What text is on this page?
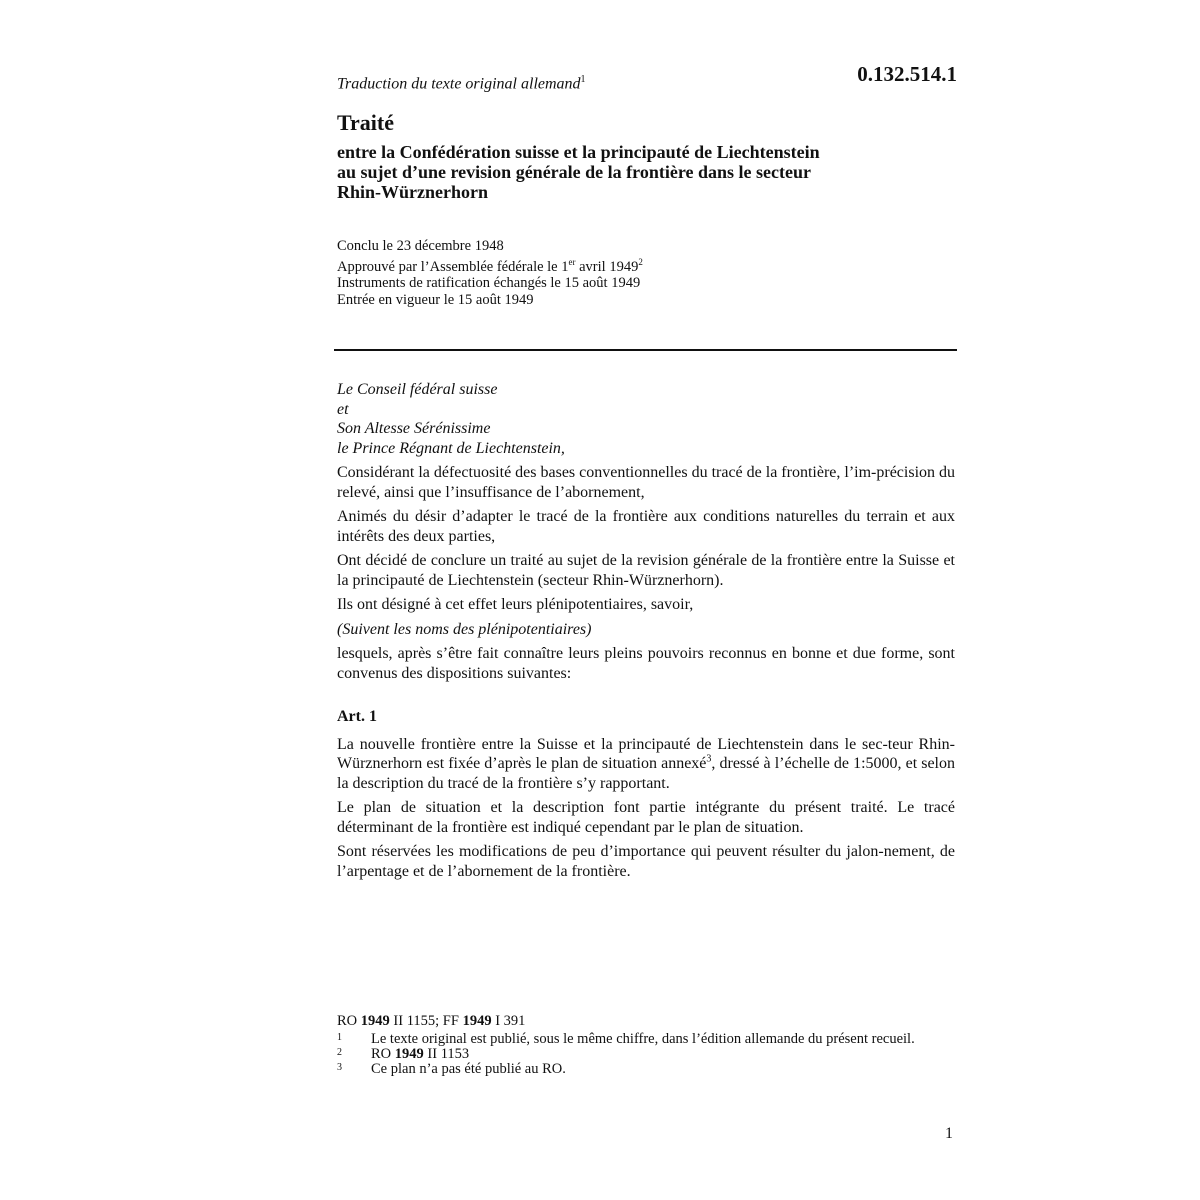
Traduction du texte original allemand$^1$	0.132.514.1
Traité
entre la Confédération suisse et la principauté de Liechtenstein
au sujet d’une revision générale de la frontière dans le secteur
Rhin-Würznerhorn
Conclu le 23 décembre 1948
Approuvé par l’Assemblée fédérale le 1er avril 1949$^2$
Instruments de ratification échangés le 15 août 1949
Entrée en vigueur le 15 août 1949
Le Conseil fédéral suisse
et
Son Altesse Sérénissime
le Prince Régnant de Liechtenstein,

Considérant la défectuosité des bases conventionnelles du tracé de la frontière, l’im-précision du relevé, ainsi que l’insuffisance de l’abornement,

Animés du désir d’adapter le tracé de la frontière aux conditions naturelles du terrain et aux intérêts des deux parties,

Ont décidé de conclure un traité au sujet de la revision générale de la frontière entre la Suisse et la principauté de Liechtenstein (secteur Rhin-Würznerhorn).

Ils ont désigné à cet effet leurs plénipotentiaires, savoir,

(Suivent les noms des plénipotentiaires)

lesquels, après s’être fait connaître leurs pleins pouvoirs reconnus en bonne et due forme, sont convenus des dispositions suivantes:

Art. 1

La nouvelle frontière entre la Suisse et la principauté de Liechtenstein dans le sec-teur Rhin-Würznerhorn est fixée d’après le plan de situation annexé$^3$, dressé à l’échelle de 1:5000, et selon la description du tracé de la frontière s’y rapportant.

Le plan de situation et la description font partie intégrante du présent traité. Le tracé déterminant de la frontière est indiqué cependant par le plan de situation.

Sont réservées les modifications de peu d’importance qui peuvent résulter du jalon-nement, de l’arpentage et de l’abornement de la frontière.

RO 1949 II 1155; FF 1949 I 391
1	Le texte original est publié, sous le même chiffre, dans l’édition allemande du présent recueil.
2	RO 1949 II 1153
3	Ce plan n’a pas été publié au RO.
1
